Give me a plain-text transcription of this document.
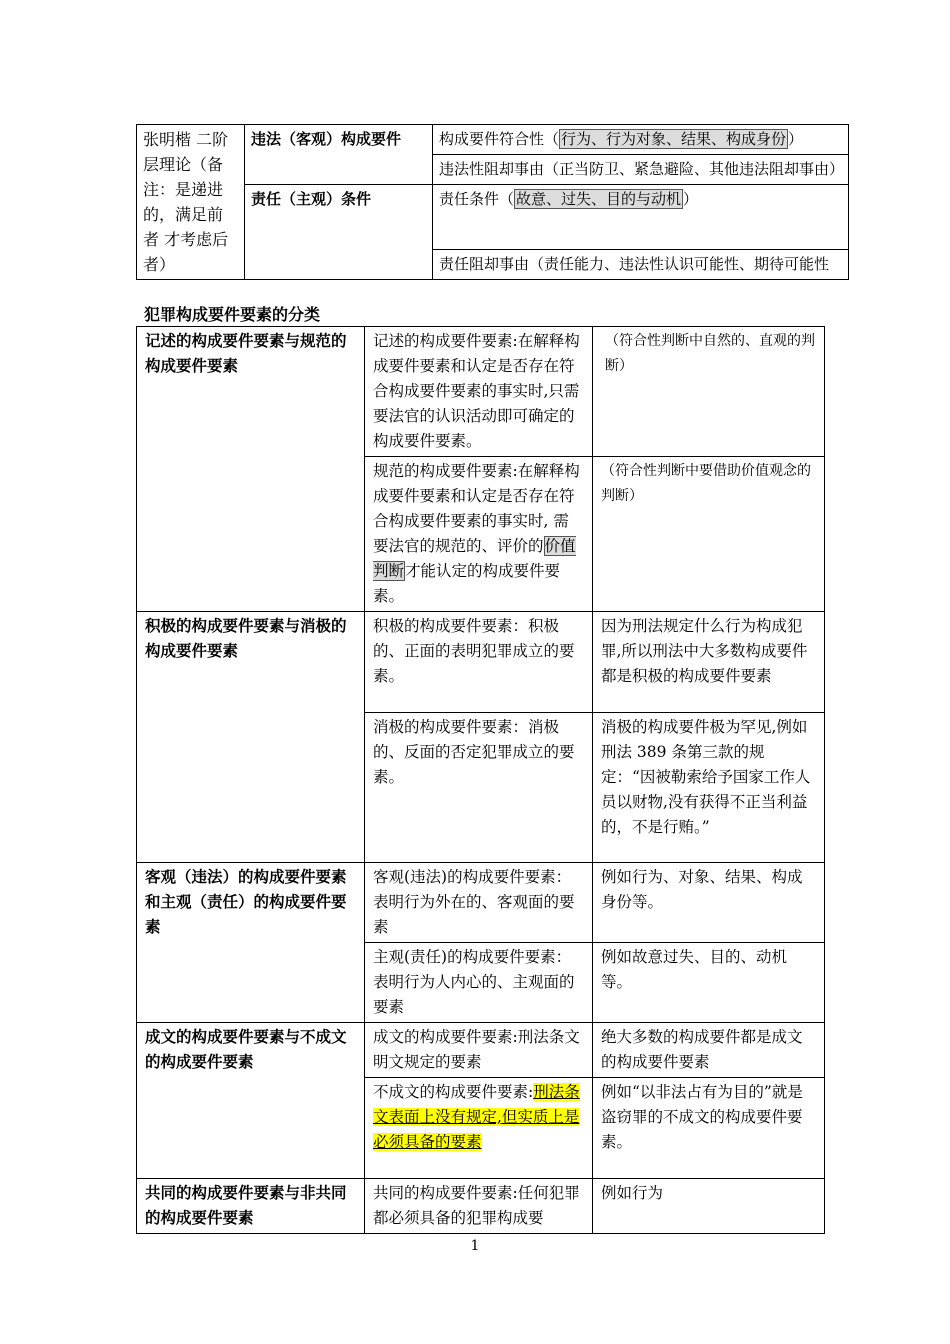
张明楷 二阶层理论（备注：是递进的，满足前者 才考虑后者）	违法（客观）构成要件	构成要件符合性（ 行为、行为对象、结果、构成身份 ）
		违法性阻却事由（正当防卫、紧急避险、其他违法阻却事由）
	责任（主观）条件	责任条件（ 故意、过失、目的与动机 ）
		责任阻却事由（责任能力、违法性认识可能性、期待可能性
犯罪构成要件要素的分类
记述的构成要件要素与规范的构成要件要素	记述的构成要件要素:在解释构成要件要素和认定是否存在符合构成要件要素的事实时,只需要法官的认识活动即可确定的构成要件要素。	（符合性判断中自然的、直观的判断）
	规范的构成要件要素:在解释构成要件要素和认定是否存在符合构成要件要素的事实时, 需要法官的规范的、评价的价值判断才能认定的构成要件要素。	（符合性判断中要借助价值观念的判断）
积极的构成要件要素与消极的构成要件要素	积极的构成要件要素：积极的、正面的表明犯罪成立的要素。	因为刑法规定什么行为构成犯罪,所以刑法中大多数构成要件都是积极的构成要件要素
	消极的构成要件要素：消极的、反面的否定犯罪成立的要素。	消极的构成要件极为罕见,例如刑法 389 条第三款的规定：“因被勒索给予国家工作人员以财物,没有获得不正当利益的，不是行贿。”
客观（违法）的构成要件要素和主观（责任）的构成要件要素	客观(违法)的构成要件要素：表明行为外在的、客观面的要素	例如行为、对象、结果、构成身份等。
	主观(责任)的构成要件要素：表明行为人内心的、主观面的要素	例如故意过失、目的、动机等。
成文的构成要件要素与不成文的构成要件要素	成文的构成要件要素:刑法条文明文规定的要素	绝大多数的构成要件都是成文的构成要件要素
	不成文的构成要件要素:刑法条文表面上没有规定,但实质上是必须具备的要素	例如“以非法占有为目的”就是盗窃罪的不成文的构成要件要素。
共同的构成要件要素与非共同的构成要件要素	共同的构成要件要素:任何犯罪都必须具备的犯罪构成要	例如行为
1
